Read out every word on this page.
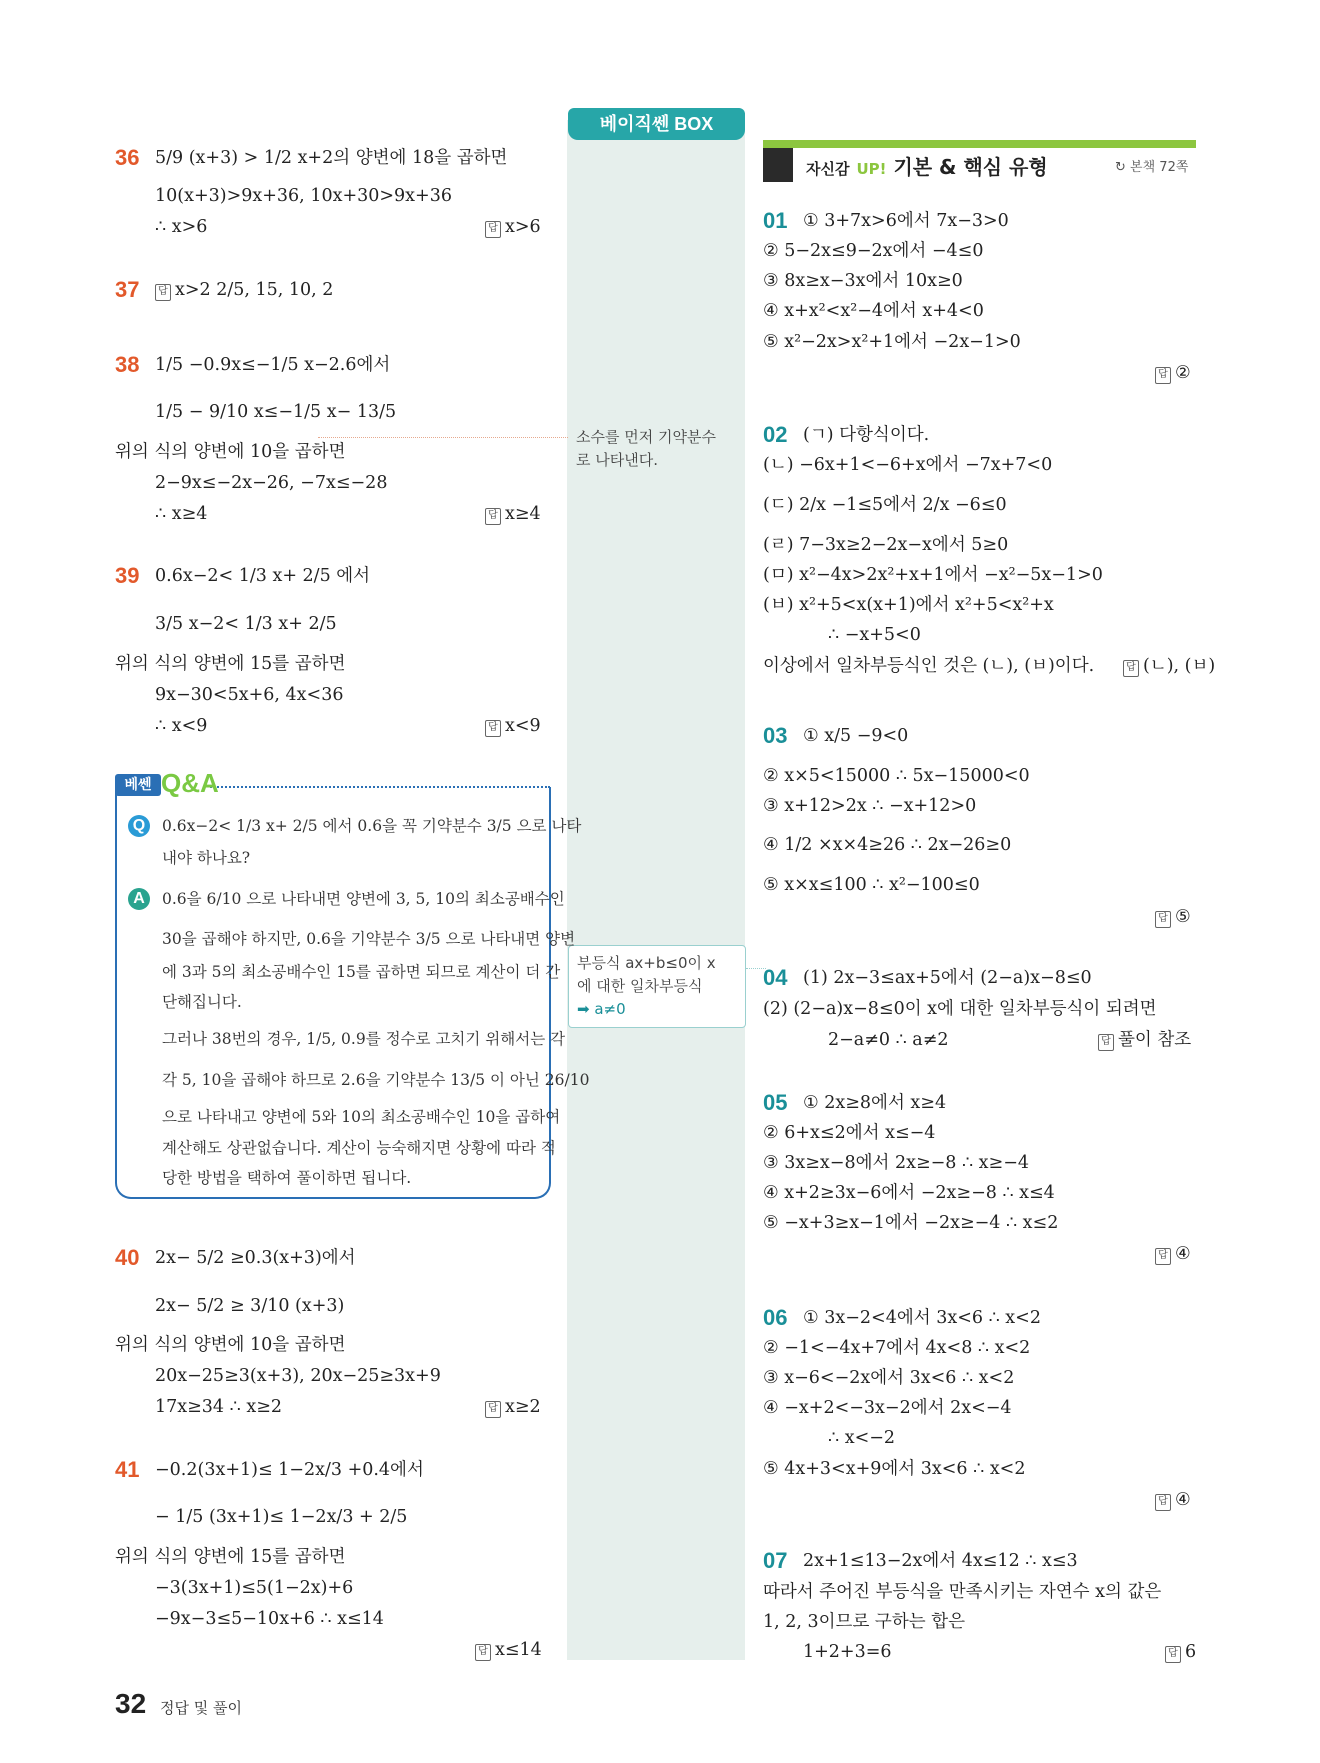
베이직쎈 BOX
소수를 먼저 기약분수
로 나타낸다.
부등식 ax+b≤0이 x
에 대한 일차부등식
➡ a≠0
자신감 UP! 기본 & 핵심 유형	↻ 본책 72쪽
36 5/9 (x+3) > 1/2 x+2의 양변에 18을 곱하면
10(x+3)>9x+36, 10x+30>9x+36
∴ x>6	답 x>6
37	답 x>2 2/5, 15, 10, 2
38 1/5 −0.9x≤−1/5 x−2.6에서
1/5 − 9/10 x≤−1/5 x− 13/5
위의 식의 양변에 10을 곱하면
2−9x≤−2x−26, −7x≤−28
∴ x≥4	답 x≥4
39 0.6x−2< 1/3 x+ 2/5 에서
3/5 x−2< 1/3 x+ 2/5
위의 식의 양변에 15를 곱하면
9x−30<5x+6, 4x<36
∴ x<9	답 x<9
베쎈 Q&A
Q	0.6x−2< 1/3 x+ 2/5 에서 0.6을 꼭 기약분수 3/5 으로 나타
내야 하나요?
A	0.6을 6/10 으로 나타내면 양변에 3, 5, 10의 최소공배수인
30을 곱해야 하지만, 0.6을 기약분수 3/5 으로 나타내면 양변
에 3과 5의 최소공배수인 15를 곱하면 되므로 계산이 더 간
단해집니다.
그러나 38번의 경우, 1/5, 0.9를 정수로 고치기 위해서는 각
각 5, 10을 곱해야 하므로 2.6을 기약분수 13/5 이 아닌 26/10
으로 나타내고 양변에 5와 10의 최소공배수인 10을 곱하여
계산해도 상관없습니다. 계산이 능숙해지면 상황에 따라 적
당한 방법을 택하여 풀이하면 됩니다.
40 2x− 5/2 ≥0.3(x+3)에서
2x− 5/2 ≥ 3/10 (x+3)
위의 식의 양변에 10을 곱하면
20x−25≥3(x+3), 20x−25≥3x+9
17x≥34 ∴ x≥2	답 x≥2
41 −0.2(3x+1)≤ 1−2x/3 +0.4에서
− 1/5 (3x+1)≤ 1−2x/3 + 2/5
위의 식의 양변에 15를 곱하면
−3(3x+1)≤5(1−2x)+6
−9x−3≤5−10x+6 ∴ x≤14
답 x≤14
01 ① 3+7x>6에서 7x−3>0
② 5−2x≤9−2x에서 −4≤0
③ 8x≥x−3x에서 10x≥0
④ x+x²<x²−4에서 x+4<0
⑤ x²−2x>x²+1에서 −2x−1>0
답 ②
02 (ㄱ) 다항식이다.
(ㄴ) −6x+1<−6+x에서 −7x+7<0
(ㄷ) 2/x −1≤5에서 2/x −6≤0
(ㄹ) 7−3x≥2−2x−x에서 5≥0
(ㅁ) x²−4x>2x²+x+1에서 −x²−5x−1>0
(ㅂ) x²+5<x(x+1)에서 x²+5<x²+x
∴ −x+5<0
이상에서 일차부등식인 것은 (ㄴ), (ㅂ)이다.	답 (ㄴ), (ㅂ)
03 ① x/5 −9<0
② x×5<15000 ∴ 5x−15000<0
③ x+12>2x ∴ −x+12>0
④ 1/2 ×x×4≥26 ∴ 2x−26≥0
⑤ x×x≤100 ∴ x²−100≤0
답 ⑤
04 (1) 2x−3≤ax+5에서 (2−a)x−8≤0
(2) (2−a)x−8≤0이 x에 대한 일차부등식이 되려면
2−a≠0 ∴ a≠2	답 풀이 참조
05 ① 2x≥8에서 x≥4
② 6+x≤2에서 x≤−4
③ 3x≥x−8에서 2x≥−8 ∴ x≥−4
④ x+2≥3x−6에서 −2x≥−8 ∴ x≤4
⑤ −x+3≥x−1에서 −2x≥−4 ∴ x≤2
답 ④
06 ① 3x−2<4에서 3x<6 ∴ x<2
② −1<−4x+7에서 4x<8 ∴ x<2
③ x−6<−2x에서 3x<6 ∴ x<2
④ −x+2<−3x−2에서 2x<−4
∴ x<−2
⑤ 4x+3<x+9에서 3x<6 ∴ x<2
답 ④
07 2x+1≤13−2x에서 4x≤12 ∴ x≤3
따라서 주어진 부등식을 만족시키는 자연수 x의 값은
1, 2, 3이므로 구하는 합은
1+2+3=6	답 6
32 정답 및 풀이
